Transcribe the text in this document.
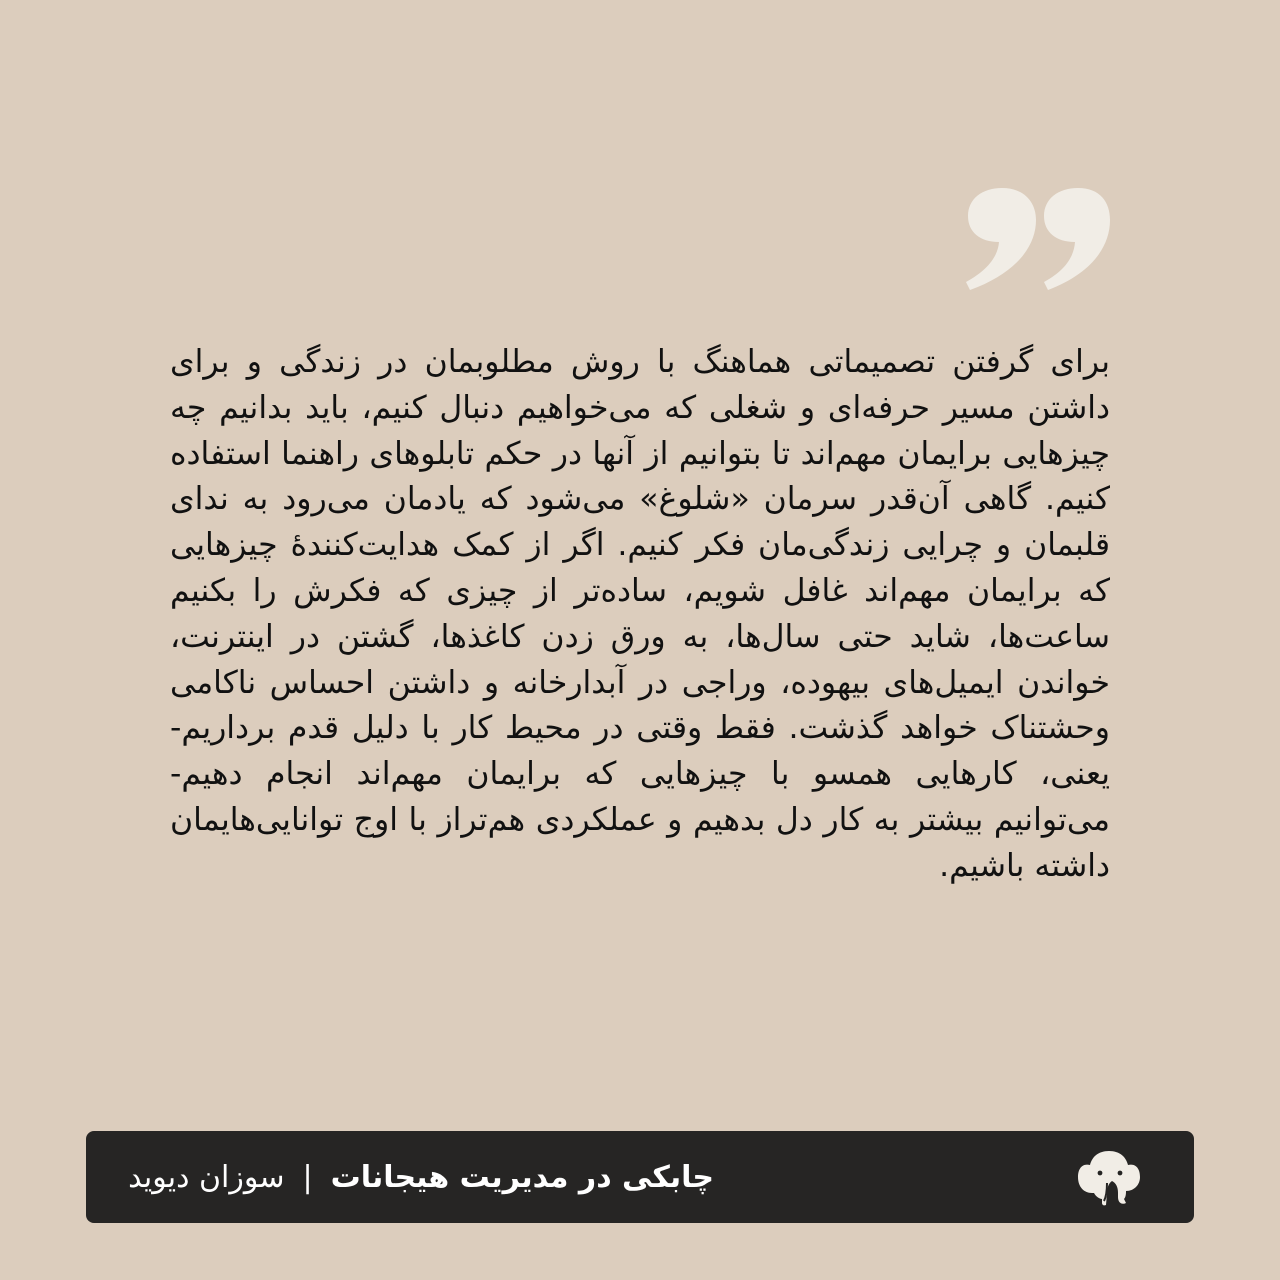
برای گرفتن تصمیماتی هماهنگ با روش مطلوبمان در زندگی و برای داشتن مسیر حرفه‌ای و شغلی که می‌خواهیم دنبال کنیم، باید بدانیم چه چیزهایی برایمان مهم‌اند تا بتوانیم از آنها در حکم تابلوهای راهنما استفاده کنیم. گاهی آن‌قدر سرمان «شلوغ» می‌شود که یادمان می‌رود به ندای قلبمان و چرایی زندگی‌مان فکر کنیم. اگر از کمک هدایت‌کنندۀ چیزهایی که برایمان مهم‌اند غافل شویم، ساده‌تر از چیزی که فکرش را بکنیم ساعت‌ها، شاید حتی سال‌ها، به ورق زدن کاغذها، گشتن در اینترنت، خواندن ایمیل‌های بیهوده، وراجی در آبدارخانه و داشتن احساس ناکامی وحشتناک خواهد گذشت. فقط وقتی در محیط کار با دلیل قدم برداریم-یعنی، کارهایی همسو با چیزهایی که برایمان مهم‌اند انجام دهیم- می‌توانیم بیشتر به کار دل بدهیم و عملکردی هم‌تراز با اوج توانایی‌هایمان داشته باشیم.

چابکی در مدیریت هیجانات
|
سوزان دیوید
